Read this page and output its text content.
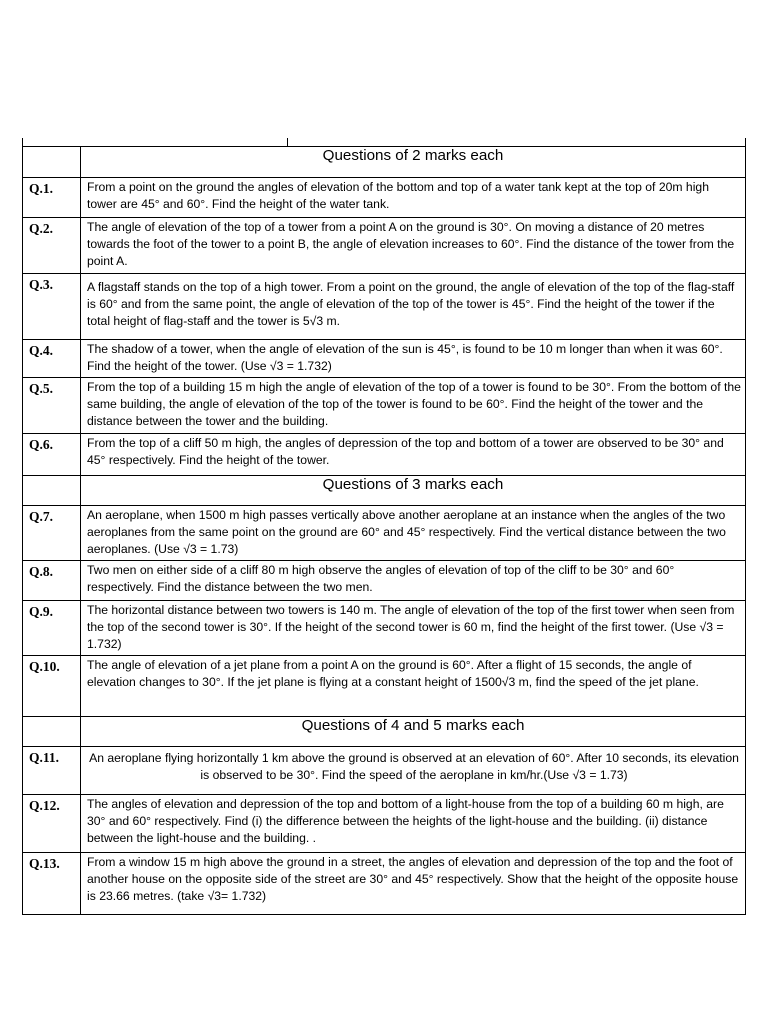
	Questions of 2 marks each
Q.1.	From a point on the ground the angles of elevation of the bottom and top of a water tank kept at the top of 20m high tower are 45° and 60°. Find the height of the water tank.
Q.2.	The angle of elevation of the top of a tower from a point A on the ground is 30°. On moving a distance of 20 metres towards the foot of the tower to a point B, the angle of elevation increases to 60°. Find the distance of the tower from the point A.
Q.3.	A flagstaff stands on the top of a high tower. From a point on the ground, the angle of elevation of the top of the flag-staff is 60° and from the same point, the angle of elevation of the top of the tower is 45°. Find the height of the tower if the total height of flag-staff and the tower is 5√3 m.
Q.4.	The shadow of a tower, when the angle of elevation of the sun is 45°, is found to be 10 m longer than when it was 60°. Find the height of the tower. (Use √3 = 1.732)
Q.5.	From the top of a building 15 m high the angle of elevation of the top of a tower is found to be 30°. From the bottom of the same building, the angle of elevation of the top of the tower is found to be 60°. Find the height of the tower and the distance between the tower and the building.
Q.6.	From the top of a cliff 50 m high, the angles of depression of the top and bottom of a tower are observed to be 30° and 45° respectively. Find the height of the tower.
	Questions of 3 marks each
Q.7.	An aeroplane, when 1500 m high passes vertically above another aeroplane at an instance when the angles of the two aeroplanes from the same point on the ground are 60° and 45° respectively. Find the vertical distance between the two aeroplanes. (Use √3 = 1.73)
Q.8.	Two men on either side of a cliff 80 m high observe the angles of elevation of top of the cliff to be 30° and 60° respectively. Find the distance between the two men.
Q.9.	The horizontal distance between two towers is 140 m. The angle of elevation of the top of the first tower when seen from the top of the second tower is 30°. If the height of the second tower is 60 m, find the height of the first tower. (Use √3 = 1.732)
Q.10.	The angle of elevation of a jet plane from a point A on the ground is 60°. After a flight of 15 seconds, the angle of elevation changes to 30°. If the jet plane is flying at a constant height of 1500√3 m, find the speed of the jet plane.
	Questions of 4 and 5 marks each
Q.11.	An aeroplane flying horizontally 1 km above the ground is observed at an elevation of 60°. After 10 seconds, its elevation is observed to be 30°. Find the speed of the aeroplane in km/hr.(Use √3 = 1.73)
Q.12.	The angles of elevation and depression of the top and bottom of a light-house from the top of a building 60 m high, are 30° and 60° respectively. Find (i) the difference between the heights of the light-house and the building. (ii) distance between the light-house and the building. .
Q.13.	From a window 15 m high above the ground in a street, the angles of elevation and depression of the top and the foot of another house on the opposite side of the street are 30° and 45° respectively. Show that the height of the opposite house is 23.66 metres. (take √3= 1.732)
